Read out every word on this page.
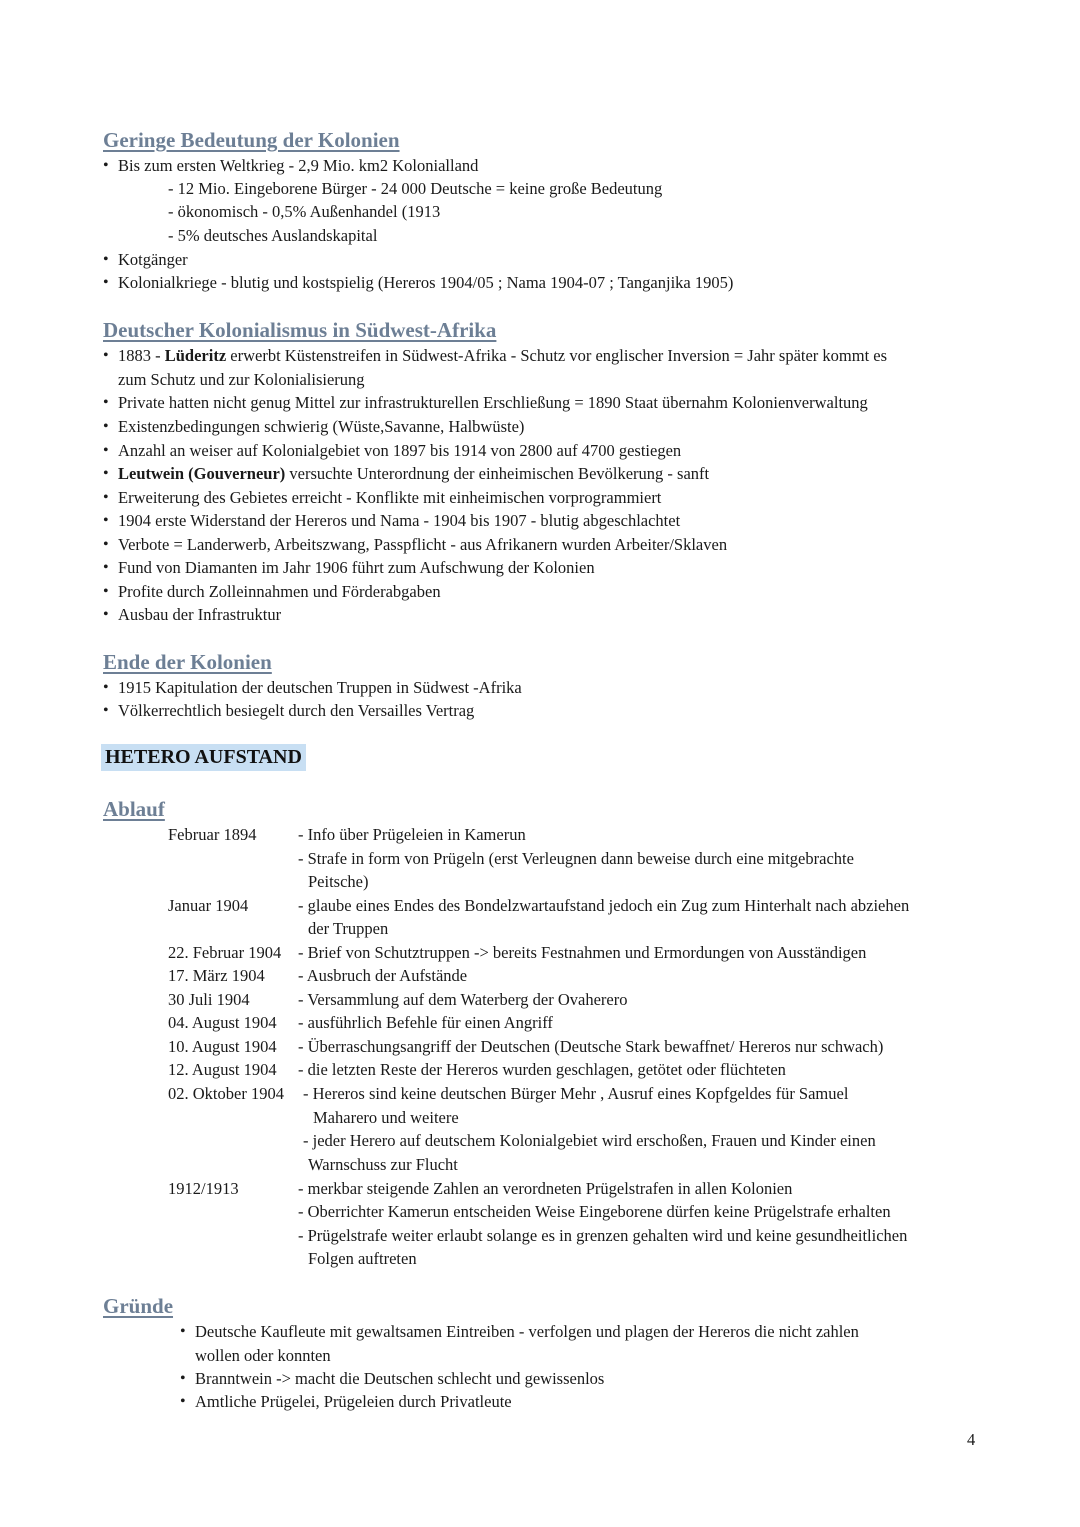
Geringe Bedeutung der Kolonien
• Bis zum ersten Weltkrieg - 2,9 Mio. km2 Kolonialland
- 12 Mio. Eingeborene Bürger - 24 000 Deutsche = keine große Bedeutung
- ökonomisch - 0,5% Außenhandel (1913
- 5% deutsches Auslandskapital
• Kotgänger
• Kolonialkriege - blutig und kostspielig (Hereros 1904/05 ; Nama 1904-07 ; Tanganjika 1905)
Deutscher Kolonialismus in Südwest-Afrika
• 1883 - Lüderitz erwerbt Küstenstreifen in Südwest-Afrika - Schutz vor englischer Inversion = Jahr später kommt es
zum Schutz und zur Kolonialisierung
• Private hatten nicht genug Mittel zur infrastrukturellen Erschließung = 1890 Staat übernahm Kolonienverwaltung
• Existenzbedingungen schwierig (Wüste,Savanne, Halbwüste)
• Anzahl an weiser auf Kolonialgebiet von 1897 bis 1914 von 2800 auf 4700 gestiegen
• Leutwein (Gouverneur) versuchte Unterordnung der einheimischen Bevölkerung - sanft
• Erweiterung des Gebietes erreicht - Konflikte mit einheimischen vorprogrammiert
• 1904 erste Widerstand der Hereros und Nama - 1904 bis 1907 - blutig abgeschlachtet
• Verbote = Landerwerb, Arbeitszwang, Passpflicht - aus Afrikanern wurden Arbeiter/Sklaven
• Fund von Diamanten im Jahr 1906 führt zum Aufschwung der Kolonien
• Profite durch Zolleinnahmen und Förderabgaben
• Ausbau der Infrastruktur
Ende der Kolonien
• 1915 Kapitulation der deutschen Truppen in Südwest -Afrika
• Völkerrechtlich besiegelt durch den Versailles Vertrag
HETERO AUFSTAND
Ablauf
Februar 1894	- Info über Prügeleien in Kamerun
- Strafe in form von Prügeln (erst Verleugnen dann beweise durch eine mitgebrachte
Peitsche)
Januar 1904	- glaube eines Endes des Bondelzwartaufstand jedoch ein Zug zum Hinterhalt nach abziehen
der Truppen
22. Februar 1904 - Brief von Schutztruppen -> bereits Festnahmen und Ermordungen von Ausständigen
17. März 1904 - Ausbruch der Aufstände
30 Juli 1904	- Versammlung auf dem Waterberg der Ovaherero
04. August 1904 - ausführlich Befehle für einen Angriff
10. August 1904 - Überraschungsangriff der Deutschen (Deutsche Stark bewaffnet/ Hereros nur schwach)
12. August 1904 - die letzten Reste der Hereros wurden geschlagen, getötet oder flüchteten
02. Oktober 1904 - Hereros sind keine deutschen Bürger Mehr , Ausruf eines Kopfgeldes für Samuel
Maharero und weitere
- jeder Herero auf deutschem Kolonialgebiet wird erschoßen, Frauen und Kinder einen
Warnschuss zur Flucht
1912/1913	- merkbar steigende Zahlen an verordneten Prügelstrafen in allen Kolonien
- Oberrichter Kamerun entscheiden Weise Eingeborene dürfen keine Prügelstrafe erhalten
- Prügelstrafe weiter erlaubt solange es in grenzen gehalten wird und keine gesundheitlichen
Folgen auftreten
Gründe
• Deutsche Kaufleute mit gewaltsamen Eintreiben - verfolgen und plagen der Hereros die nicht zahlen
wollen oder konnten
• Branntwein -> macht die Deutschen schlecht und gewissenlos
• Amtliche Prügelei, Prügeleien durch Privatleute
4
